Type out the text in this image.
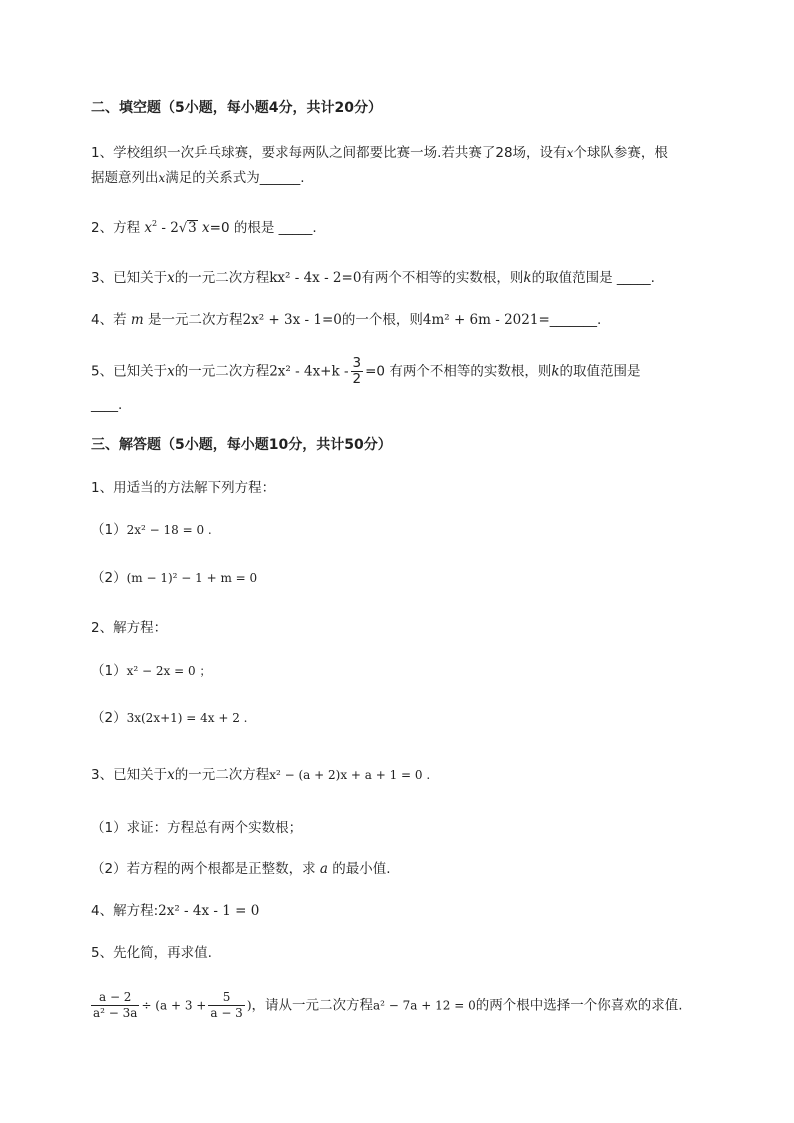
二、填空题（5小题，每小题4分，共计20分）
1、学校组织一次乒乓球赛，要求每两队之间都要比赛一场.若共赛了28场，设有x个球队参赛，根
据题意列出x满足的关系式为______.
2、方程 $x^2 - 2√3$ x=0 的根是 _____.
3、已知关于x的一元二次方程kx² - 4x - 2=0有两个不相等的实数根，则k的取值范围是 _____.
4、若 m 是一元二次方程2x² + 3x - 1=0的一个根，则4m² + 6m - 2021=_______.
5、已知关于x的一元二次方程$2x^2 - 4x+k - \frac{3}{2} =0$ 有两个不相等的实数根，则k的取值范围是
____.
三、解答题（5小题，每小题10分，共计50分）
1、用适当的方法解下列方程：
（1）2x² − 18 = 0 .
（2）(m − 1)² − 1 + m = 0
2、解方程：
（1）x² − 2x = 0 ；
（2）3x(2x+1) = 4x + 2 .
3、已知关于x的一元二次方程x² − (a + 2)x + a + 1 = 0 .
（1）求证：方程总有两个实数根；
（2）若方程的两个根都是正整数，求 a 的最小值.
4、解方程:2x² - 4x - 1 = 0
5、先化简，再求值.
$\frac{a - 2}{\text{a² − 3a}} \div (a + 3 + \frac{5}{a - 3}$ )，请从一元二次方程a² − 7a + 12 = 0的两个根中选择一个你喜欢的求值.
